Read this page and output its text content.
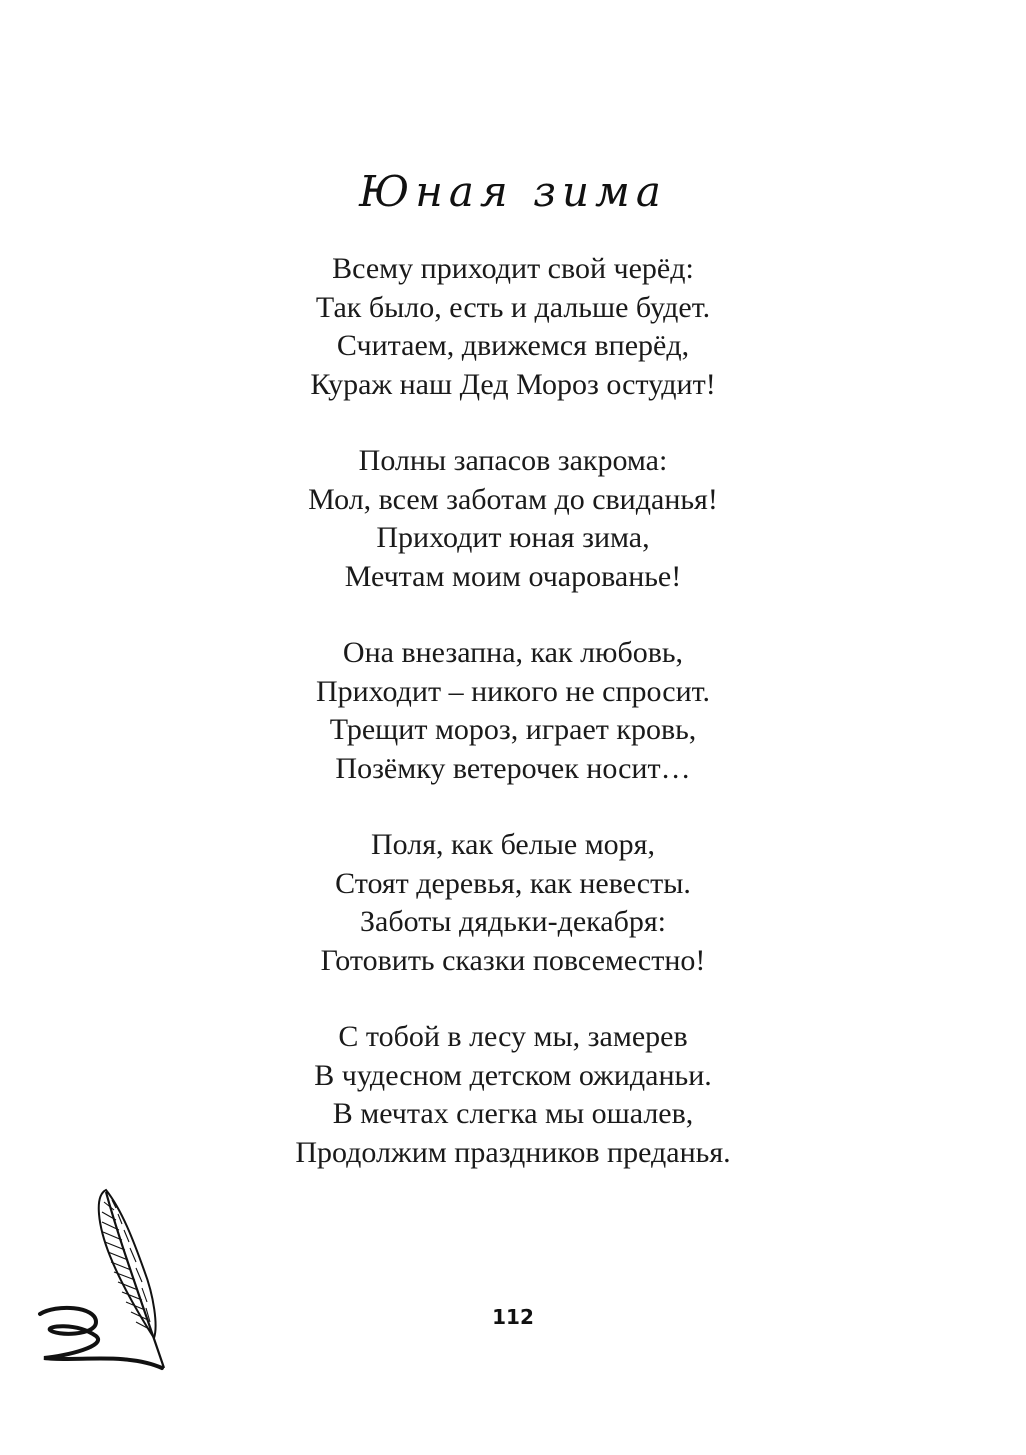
Юная зима
Всему приходит свой черёд:
Так было, есть и дальше будет.
Считаем, движемся вперёд,
Кураж наш Дед Мороз остудит!
Полны запасов закрома:
Мол, всем заботам до свиданья!
Приходит юная зима,
Мечтам моим очарованье!
Она внезапна, как любовь,
Приходит – никого не спросит.
Трещит мороз, играет кровь,
Позёмку ветерочек носит…
Поля, как белые моря,
Стоят деревья, как невесты.
Заботы дядьки-декабря:
Готовить сказки повсеместно!
С тобой в лесу мы, замерев
В чудесном детском ожиданьи.
В мечтах слегка мы ошалев,
Продолжим праздников преданья.
112
